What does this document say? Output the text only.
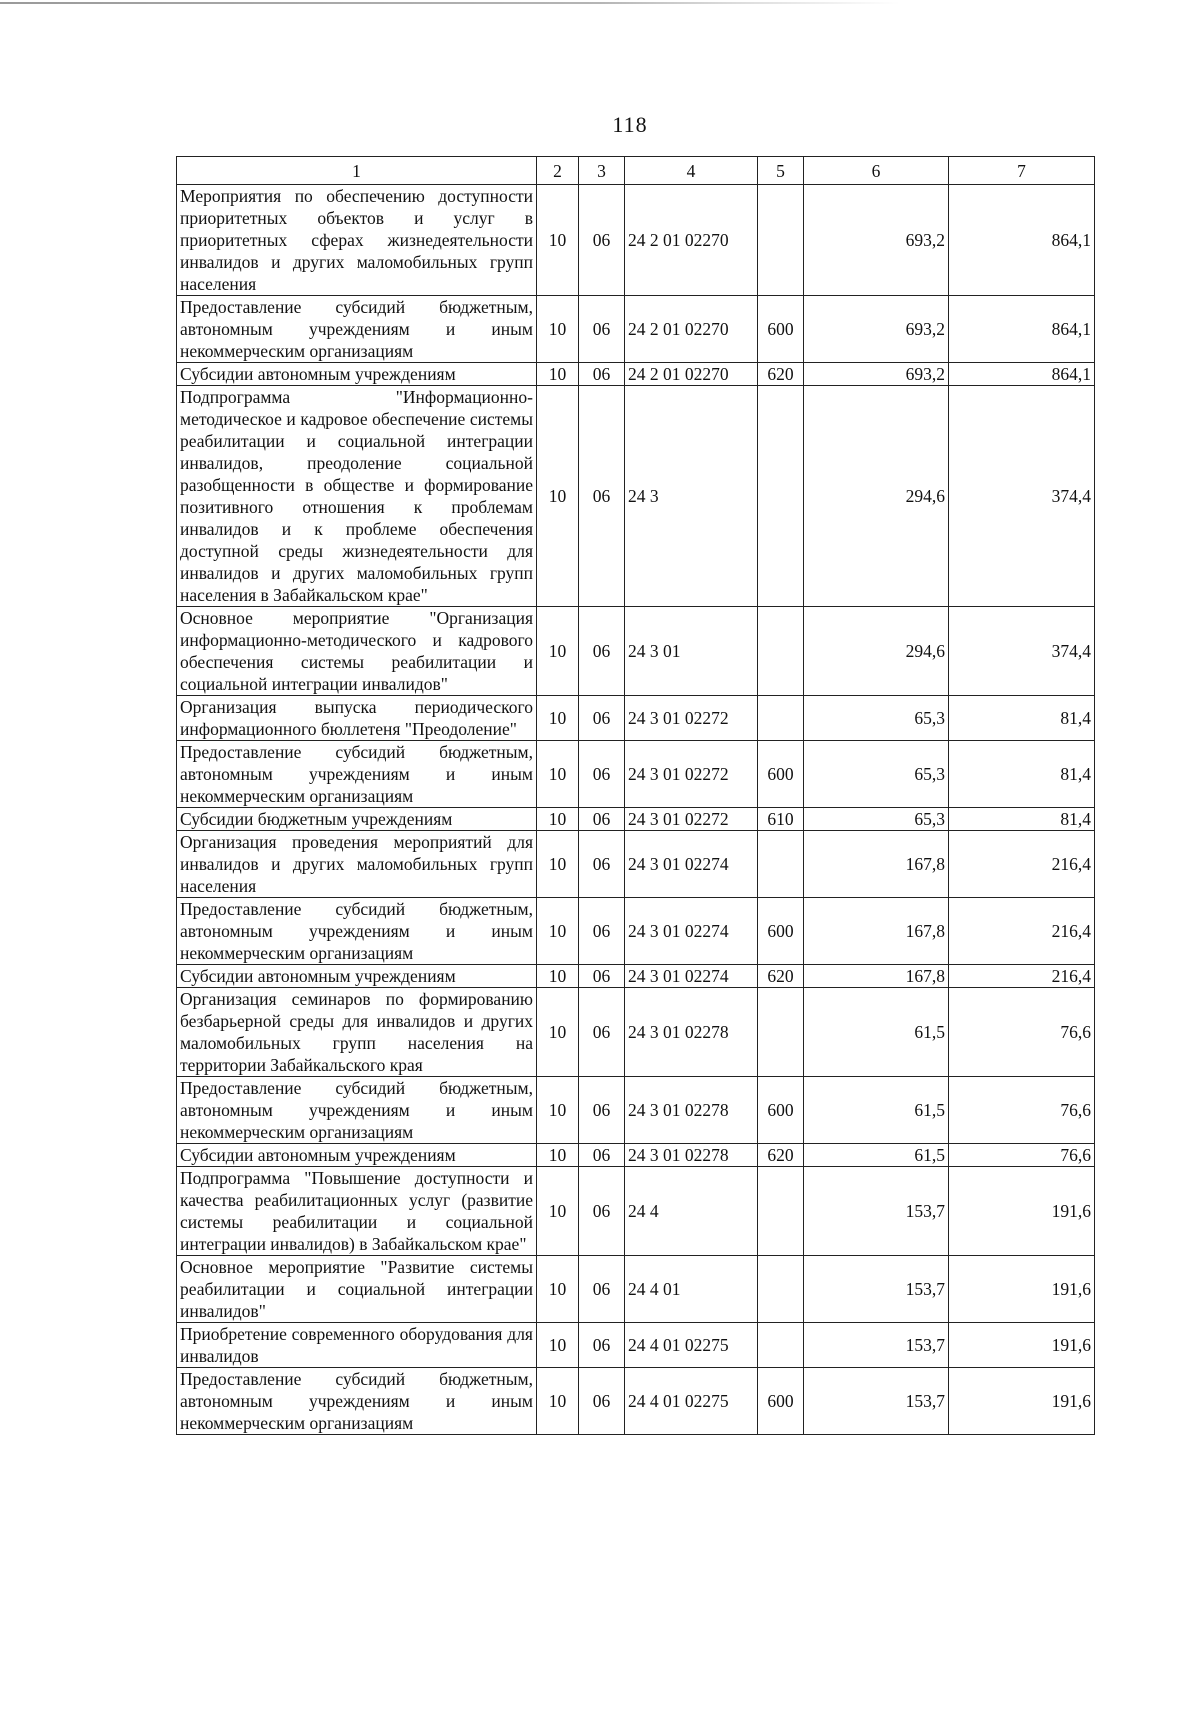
118
1	2	3	4	5	6	7
Мероприятия по обеспечению доступности приоритетных объектов и услуг в приоритетных сферах жизнедеятельности инвалидов и других маломобильных групп населения	10	06	24 2 01 02270		693,2	864,1
Предоставление субсидий бюджетным, автономным учреждениям и иным некоммерческим организациям	10	06	24 2 01 02270	600	693,2	864,1
Субсидии автономным учреждениям	10	06	24 2 01 02270	620	693,2	864,1
Подпрограмма "Информационно-методическое и кадровое обеспечение системы реабилитации и социальной интеграции инвалидов, преодоление социальной разобщенности в обществе и формирование позитивного отношения к проблемам инвалидов и к проблеме обеспечения доступной среды жизнедеятельности для инвалидов и других маломобильных групп населения в Забайкальском крае"	10	06	24 3		294,6	374,4
Основное мероприятие "Организация информационно-методического и кадрового обеспечения системы реабилитации и социальной интеграции инвалидов"	10	06	24 3 01		294,6	374,4
Организация выпуска периодического информационного бюллетеня "Преодоление"	10	06	24 3 01 02272		65,3	81,4
Предоставление субсидий бюджетным, автономным учреждениям и иным некоммерческим организациям	10	06	24 3 01 02272	600	65,3	81,4
Субсидии бюджетным учреждениям	10	06	24 3 01 02272	610	65,3	81,4
Организация проведения мероприятий для инвалидов и других маломобильных групп населения	10	06	24 3 01 02274		167,8	216,4
Предоставление субсидий бюджетным, автономным учреждениям и иным некоммерческим организациям	10	06	24 3 01 02274	600	167,8	216,4
Субсидии автономным учреждениям	10	06	24 3 01 02274	620	167,8	216,4
Организация семинаров по формированию безбарьерной среды для инвалидов и других маломобильных групп населения на территории Забайкальского края	10	06	24 3 01 02278		61,5	76,6
Предоставление субсидий бюджетным, автономным учреждениям и иным некоммерческим организациям	10	06	24 3 01 02278	600	61,5	76,6
Субсидии автономным учреждениям	10	06	24 3 01 02278	620	61,5	76,6
Подпрограмма "Повышение доступности и качества реабилитационных услуг (развитие системы реабилитации и социальной интеграции инвалидов) в Забайкальском крае"	10	06	24 4		153,7	191,6
Основное мероприятие "Развитие системы реабилитации и социальной интеграции инвалидов"	10	06	24 4 01		153,7	191,6
Приобретение современного оборудования для инвалидов	10	06	24 4 01 02275		153,7	191,6
Предоставление субсидий бюджетным, автономным учреждениям и иным некоммерческим организациям	10	06	24 4 01 02275	600	153,7	191,6
